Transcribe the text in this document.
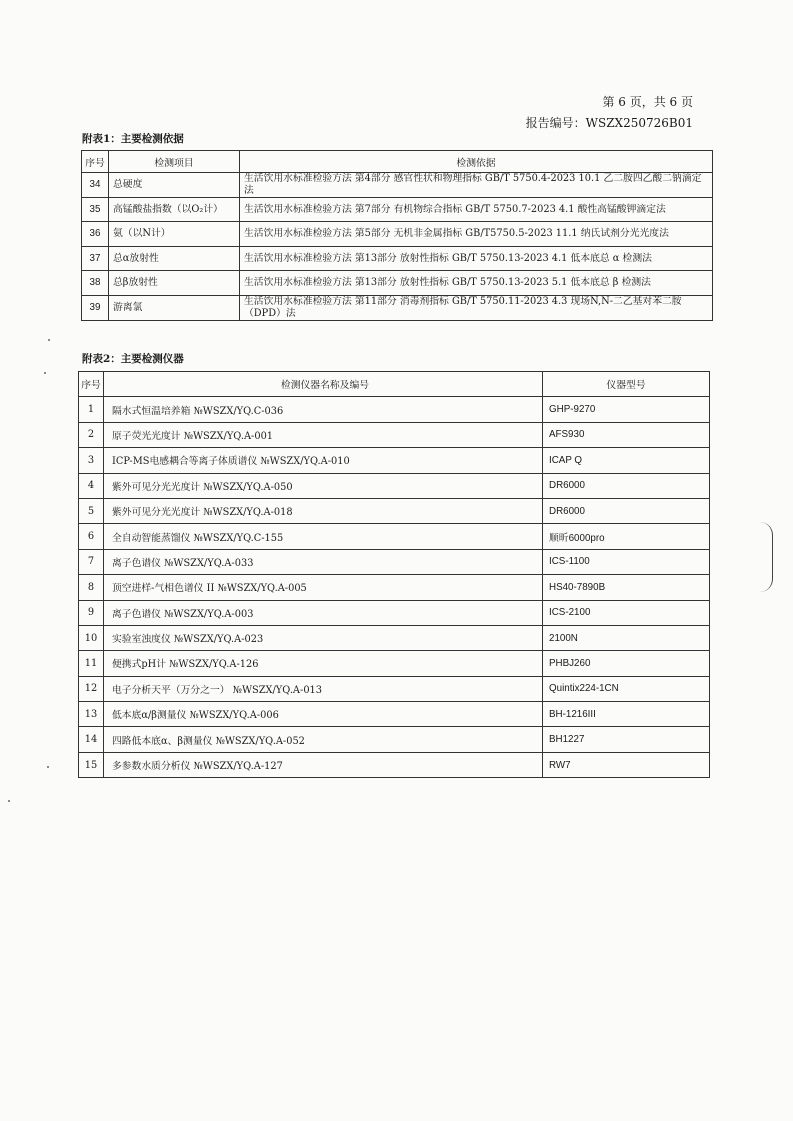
第 6 页，共 6 页
报告编号：WSZX250726B01
附表1：主要检测依据
序号	检测项目	检测依据
34	总硬度	生活饮用水标准检验方法 第4部分 感官性状和物理指标 GB/T 5750.4-2023 10.1 乙二胺四乙酸二钠滴定法
35	高锰酸盐指数（以O₂计）	生活饮用水标准检验方法 第7部分 有机物综合指标 GB/T 5750.7-2023 4.1 酸性高锰酸钾滴定法
36	氨（以N计）	生活饮用水标准检验方法 第5部分 无机非金属指标 GB/T5750.5-2023 11.1 纳氏试剂分光光度法
37	总α放射性	生活饮用水标准检验方法 第13部分 放射性指标 GB/T 5750.13-2023 4.1 低本底总 α 检测法
38	总β放射性	生活饮用水标准检验方法 第13部分 放射性指标 GB/T 5750.13-2023 5.1 低本底总 β 检测法
39	游离氯	生活饮用水标准检验方法 第11部分 消毒剂指标 GB/T 5750.11-2023 4.3 现场N,N-二乙基对苯二胺（DPD）法
附表2：主要检测仪器
序号	检测仪器名称及编号	仪器型号
1	隔水式恒温培养箱 №WSZX/YQ.C-036	GHP-9270
2	原子荧光光度计 №WSZX/YQ.A-001	AFS930
3	ICP-MS电感耦合等离子体质谱仪 №WSZX/YQ.A-010	ICAP Q
4	紫外可见分光光度计 №WSZX/YQ.A-050	DR6000
5	紫外可见分光光度计 №WSZX/YQ.A-018	DR6000
6	全自动智能蒸馏仪 №WSZX/YQ.C-155	顺昕6000pro
7	离子色谱仪 №WSZX/YQ.A-033	ICS-1100
8	顶空进样-气相色谱仪 II №WSZX/YQ.A-005	HS40-7890B
9	离子色谱仪 №WSZX/YQ.A-003	ICS-2100
10	实验室浊度仪 №WSZX/YQ.A-023	2100N
11	便携式pH计 №WSZX/YQ.A-126	PHBJ260
12	电子分析天平（万分之一） №WSZX/YQ.A-013	Quintix224-1CN
13	低本底α/β测量仪 №WSZX/YQ.A-006	BH-1216III
14	四路低本底α、β测量仪 №WSZX/YQ.A-052	BH1227
15	多参数水质分析仪 №WSZX/YQ.A-127	RW7
